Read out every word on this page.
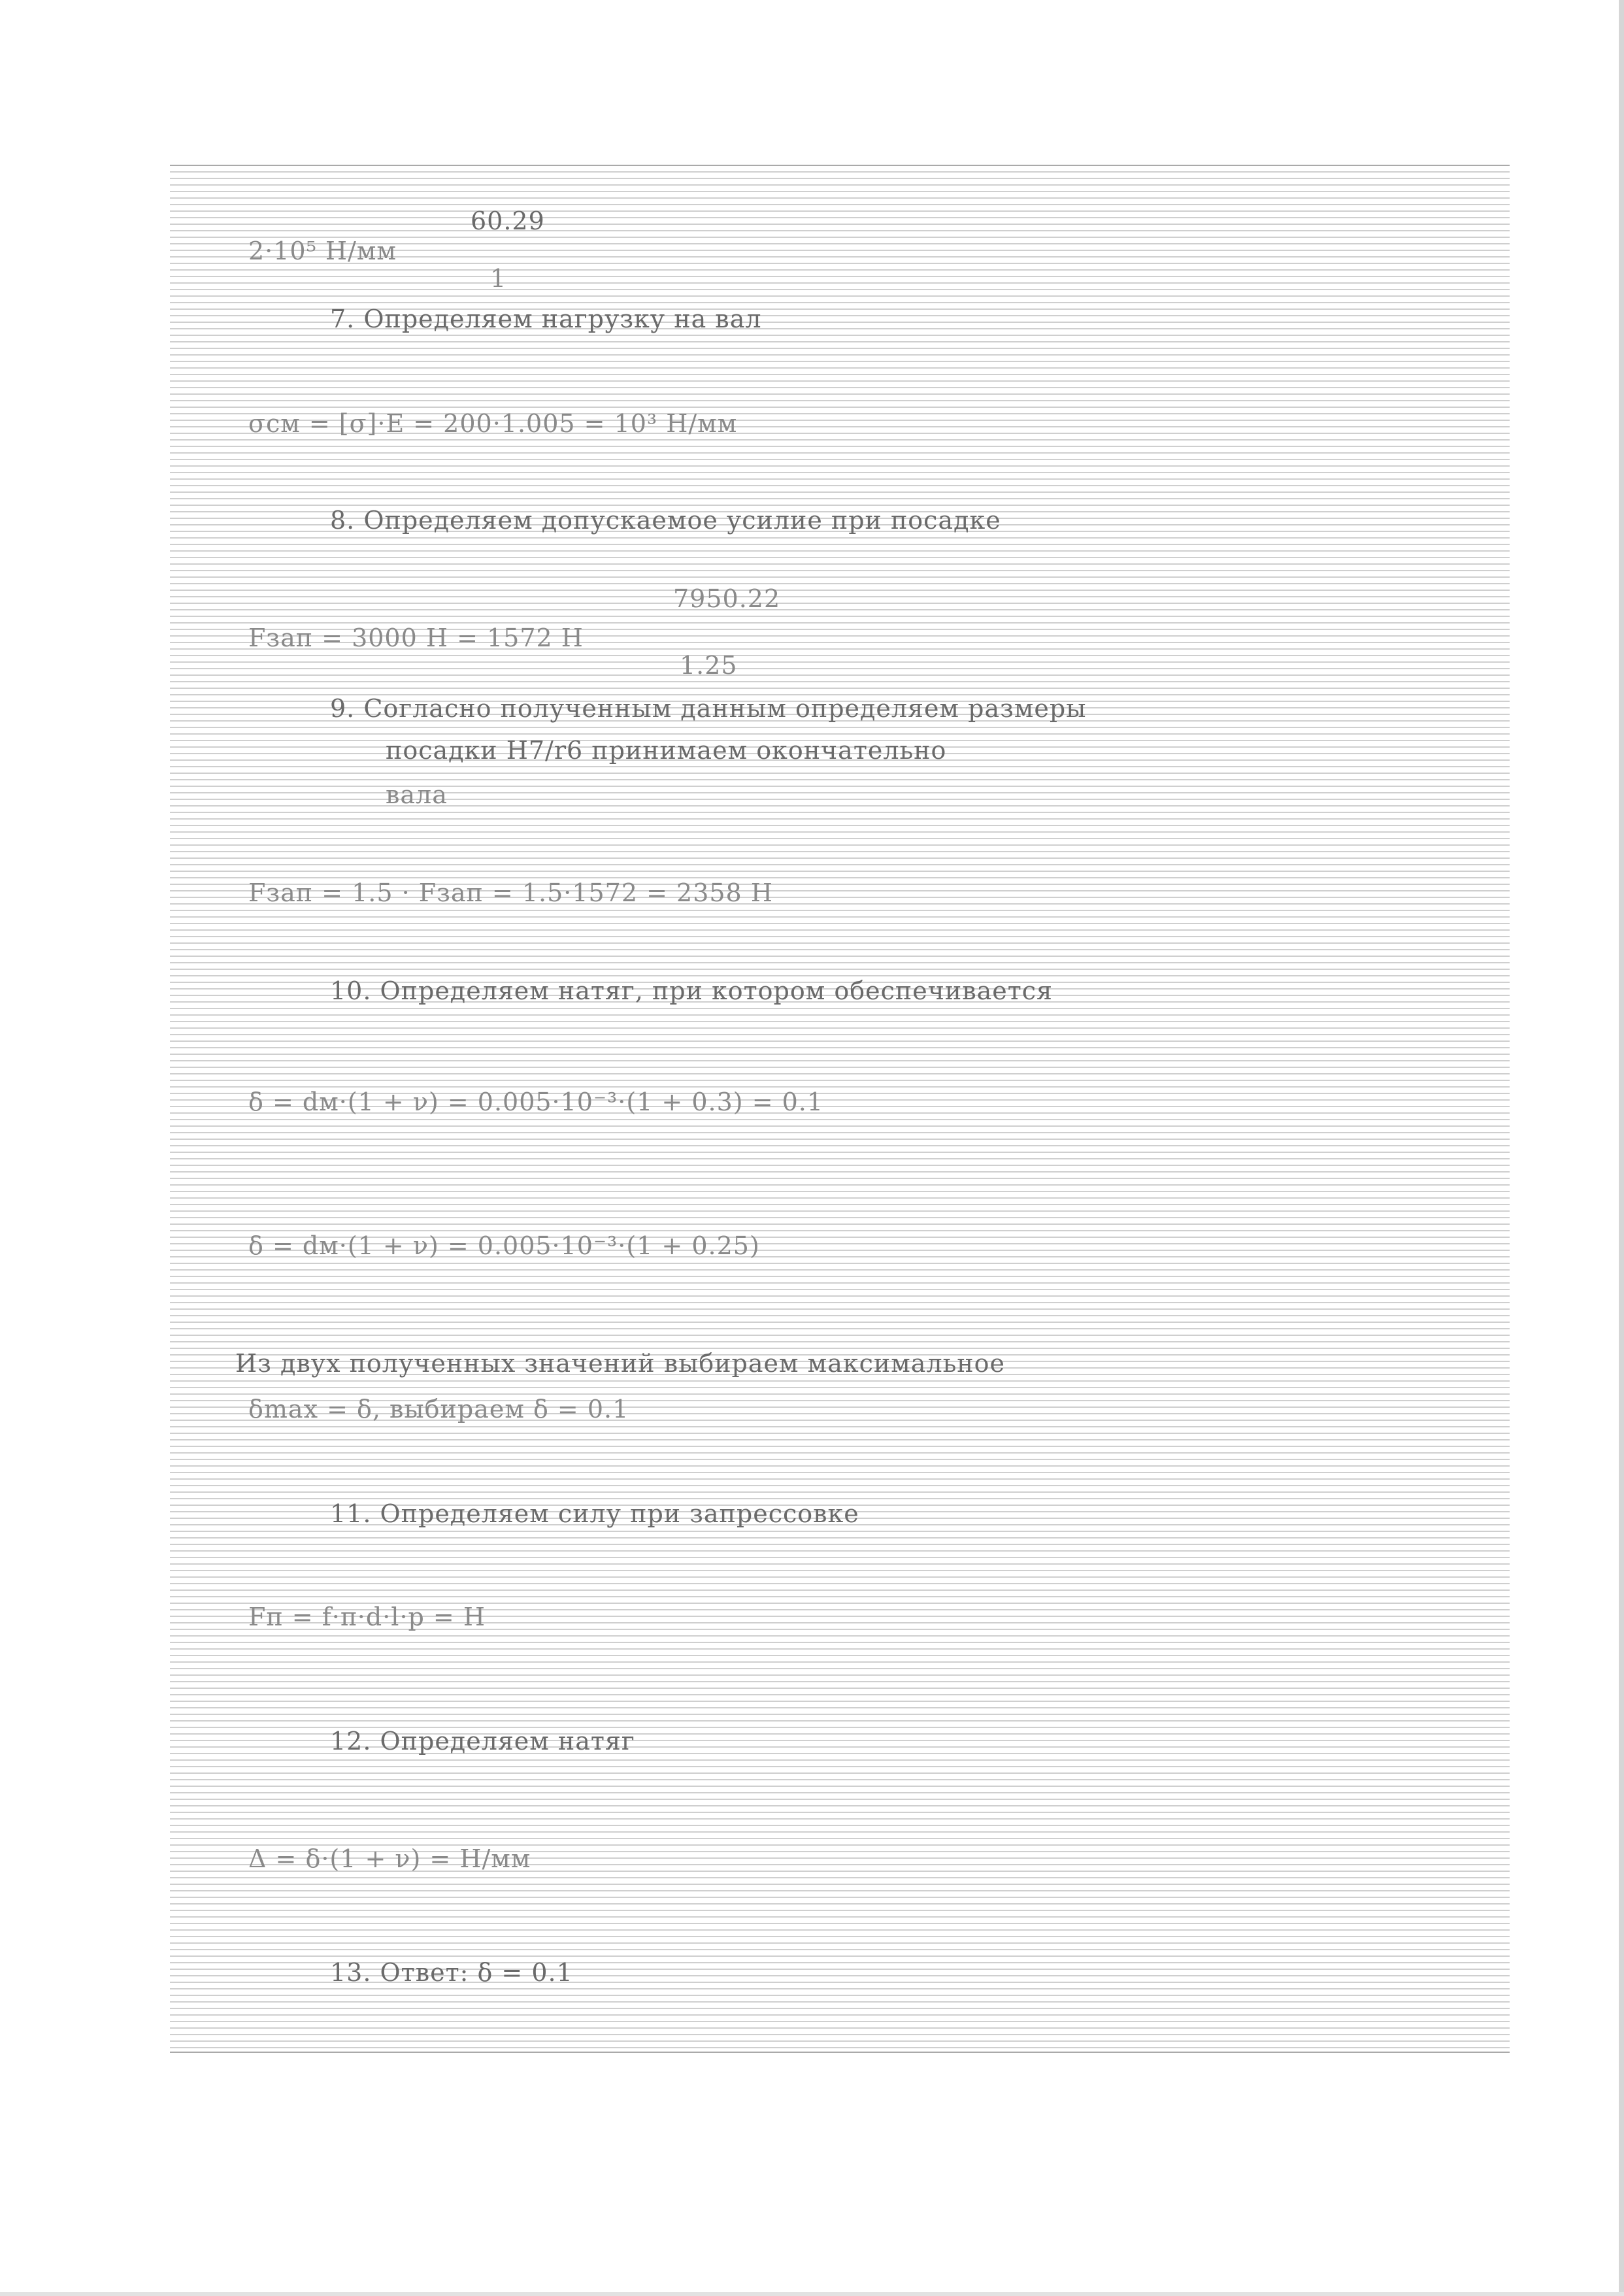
60.29
2·10⁵ Н/мм
1
7. Определяем нагрузку на вал
σсм = [σ]·Е = 200·1.005 = 10³ Н/мм
8. Определяем допускаемое усилие при посадке
7950.22
Fзап = 3000 Н = 1572 Н
1.25
9. Согласно полученным данным определяем размеры
посадки Н7/r6 принимаем окончательно
вала
Fзап = 1.5 · Fзап = 1.5·1572 = 2358 Н
10. Определяем натяг, при котором обеспечивается
δ = dм·(1 + ν) = 0.005·10⁻³·(1 + 0.3) = 0.1
δ = dм·(1 + ν) = 0.005·10⁻³·(1 + 0.25)
Из двух полученных значений выбираем максимальное
δmax = δ, выбираем δ = 0.1
11. Определяем силу при запрессовке
Fп = f·π·d·l·p = Н
12. Определяем натяг
Δ = δ·(1 + ν) = Н/мм
13. Ответ: δ = 0.1
